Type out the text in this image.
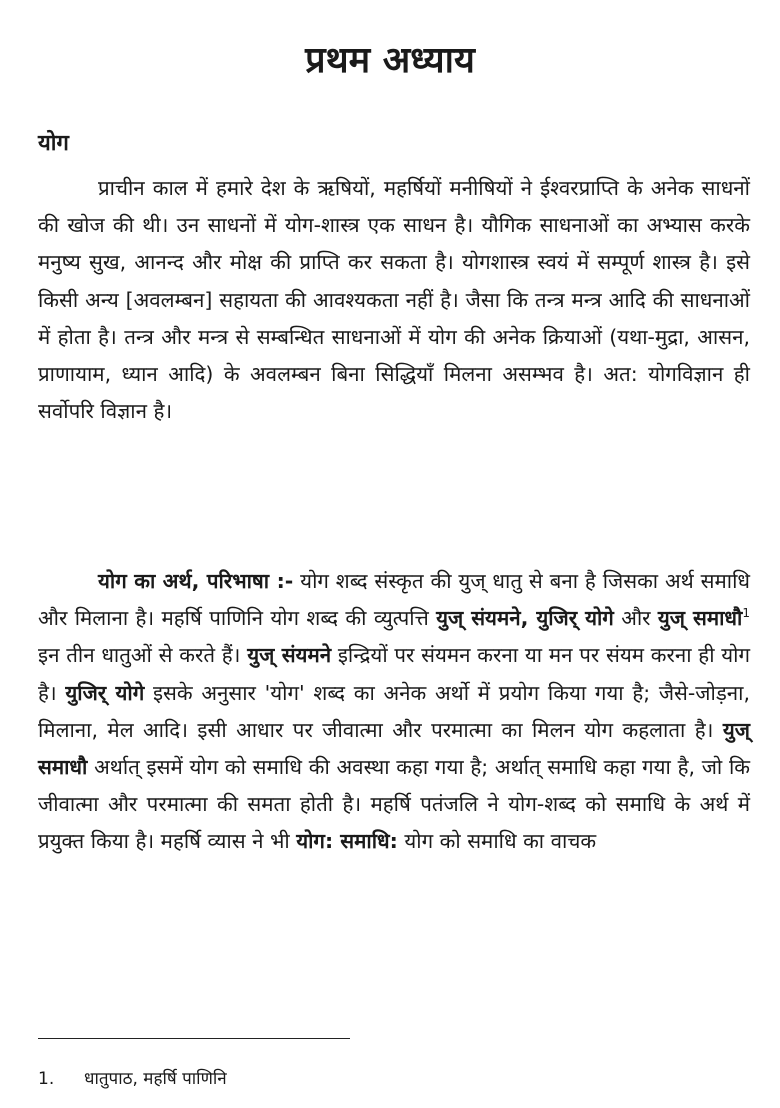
प्रथम अध्याय
योग

प्राचीन काल में हमारे देश के ऋषियों, महर्षियों मनीषियों ने ईश्वरप्राप्ति के अनेक साधनों की खोज की थी। उन साधनों में योग-शास्त्र एक साधन है। यौगिक साधनाओं का अभ्यास करके मनुष्य सुख, आनन्द और मोक्ष की प्राप्ति कर सकता है। योगशास्त्र स्वयं में सम्पूर्ण शास्त्र है। इसे किसी अन्य [अवलम्बन] सहायता की आवश्यकता नहीं है। जैसा कि तन्त्र मन्त्र आदि की साधनाओं में होता है। तन्त्र और मन्त्र से सम्बन्धित साधनाओं में योग की अनेक क्रियाओं (यथा-मुद्रा, आसन, प्राणायाम, ध्यान आदि) के अवलम्बन बिना सिद्धियाँ मिलना असम्भव है। अत: योगविज्ञान ही सर्वोपरि विज्ञान है।

योग का अर्थ, परिभाषा :- योग शब्द संस्कृत की युज् धातु से बना है जिसका अर्थ समाधि और मिलाना है। महर्षि पाणिनि योग शब्द की व्युत्पत्ति युज् संयमने, युजिर् योगे और युज् समाधौ$^1$ इन तीन धातुओं से करते हैं। युज् संयमने इन्द्रियों पर संयमन करना या मन पर संयम करना ही योग है। युजिर् योगे इसके अनुसार 'योग' शब्द का अनेक अर्थो में प्रयोग किया गया है; जैसे-जोड़ना, मिलाना, मेल आदि। इसी आधार पर जीवात्मा और परमात्मा का मिलन योग कहलाता है। युज् समाधौ अर्थात् इसमें योग को समाधि की अवस्था कहा गया है; अर्थात् समाधि कहा गया है, जो कि जीवात्मा और परमात्मा की समता होती है। महर्षि पतंजलि ने योग-शब्द को समाधि के अर्थ में प्रयुक्त किया है। महर्षि व्यास ने भी योग: समाधि: योग को समाधि का वाचक

1. धातुपाठ, महर्षि पाणिनि
